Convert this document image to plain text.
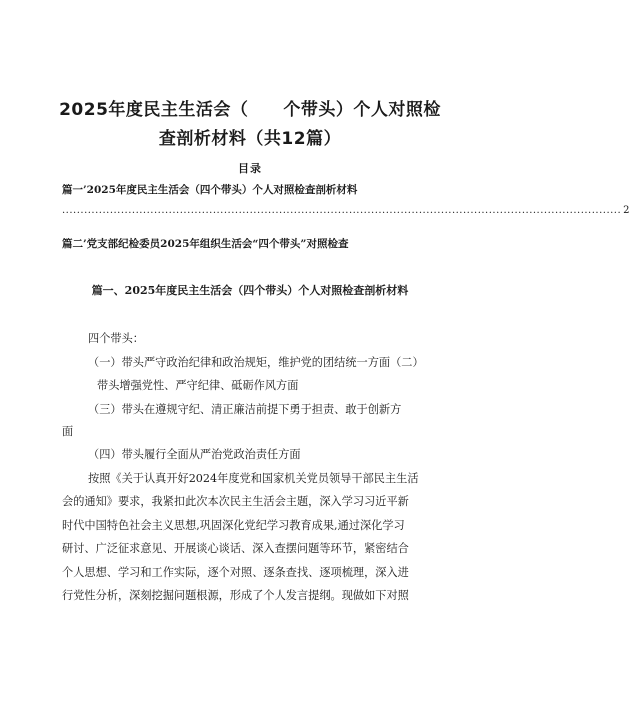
2025年度民主生活会（　　个带头）个人对照检
查剖析材料（共12篇）
目录
篇一’2025年度民主生活会（四个带头）个人对照检查剖析材料
........................................................................................................................................................ 2
篇二’党支部纪检委员2025年组织生活会“四个带头”对照检查
篇一、2025年度民主生活会（四个带头）个人对照检查剖析材料
四个带头：
（一）带头严守政治纪律和政治规矩，维护党的团结统一方面（二）
带头增强党性、严守纪律、砥砺作风方面
（三）带头在遵规守纪、清正廉洁前提下勇于担责、敢于创新方
面
（四）带头履行全面从严治党政治责任方面
按照《关于认真开好2024年度党和国家机关党员领导干部民主生活
会的通知》要求，我紧扣此次本次民主生活会主题，深入学习习近平新
时代中国特色社会主义思想,巩固深化党纪学习教育成果,通过深化学习
研讨、广泛征求意见、开展谈心谈话、深入查摆问题等环节，紧密结合
个人思想、学习和工作实际，逐个对照、逐条查找、逐项梳理，深入进
行党性分析，深刻挖掘问题根源，形成了个人发言提纲。现做如下对照
